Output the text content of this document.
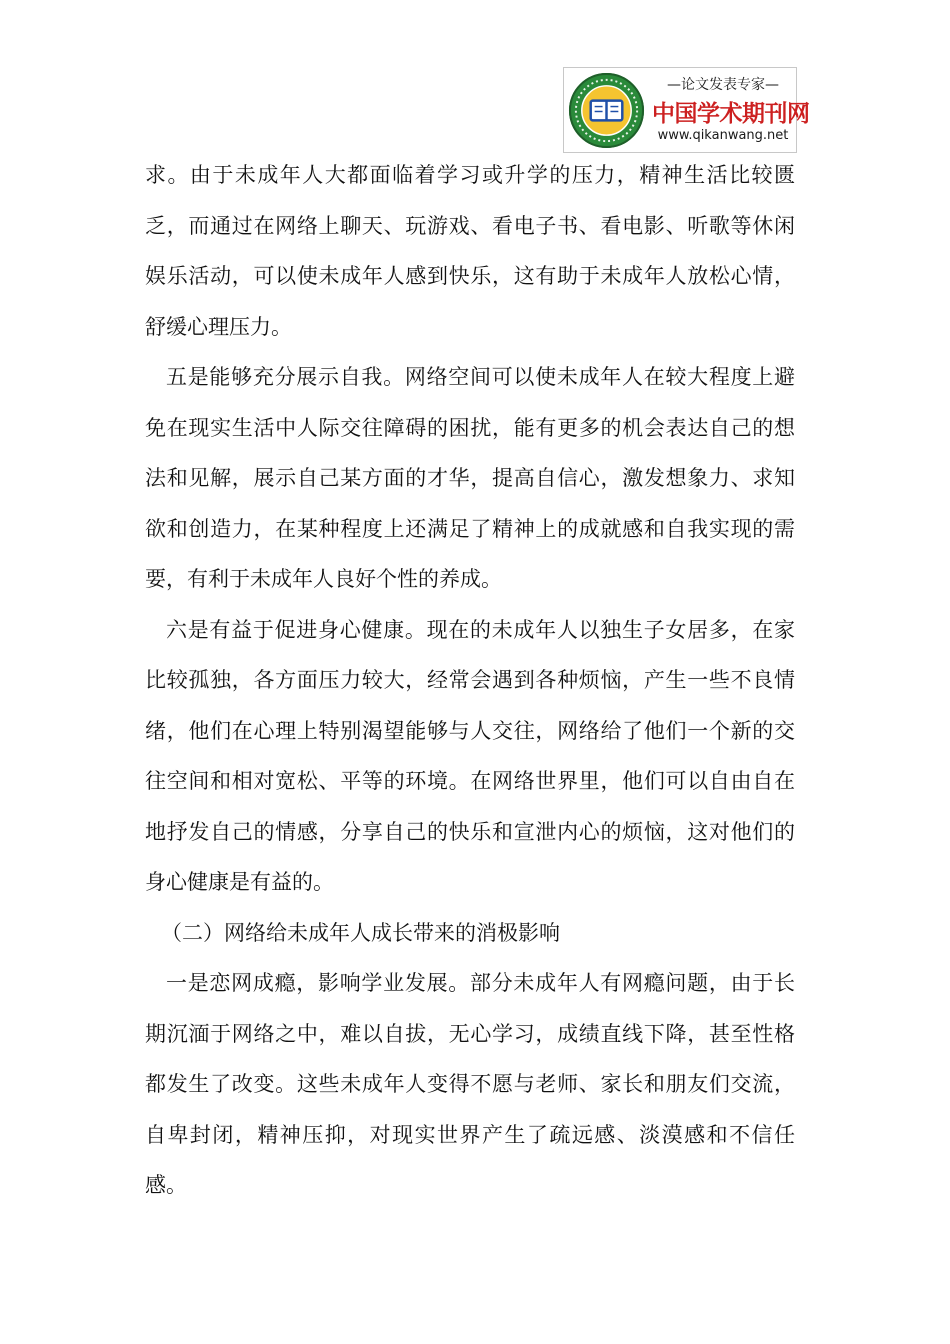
—论文发表专家—
中国学术期刊网
www.qikanwang.net

求。由于未成年人大都面临着学习或升学的压力，精神生活比较匮乏，而通过在网络上聊天、玩游戏、看电子书、看电影、听歌等休闲娱乐活动，可以使未成年人感到快乐，这有助于未成年人放松心情，舒缓心理压力。

五是能够充分展示自我。网络空间可以使未成年人在较大程度上避免在现实生活中人际交往障碍的困扰，能有更多的机会表达自己的想法和见解，展示自己某方面的才华，提高自信心，激发想象力、求知欲和创造力，在某种程度上还满足了精神上的成就感和自我实现的需要，有利于未成年人良好个性的养成。

六是有益于促进身心健康。现在的未成年人以独生子女居多，在家比较孤独，各方面压力较大，经常会遇到各种烦恼，产生一些不良情绪，他们在心理上特别渴望能够与人交往，网络给了他们一个新的交往空间和相对宽松、平等的环境。在网络世界里，他们可以自由自在地抒发自己的情感，分享自己的快乐和宣泄内心的烦恼，这对他们的身心健康是有益的。

（二）网络给未成年人成长带来的消极影响

一是恋网成瘾，影响学业发展。部分未成年人有网瘾问题，由于长期沉湎于网络之中，难以自拔，无心学习，成绩直线下降，甚至性格都发生了改变。这些未成年人变得不愿与老师、家长和朋友们交流，自卑封闭，精神压抑，对现实世界产生了疏远感、淡漠感和不信任感。
